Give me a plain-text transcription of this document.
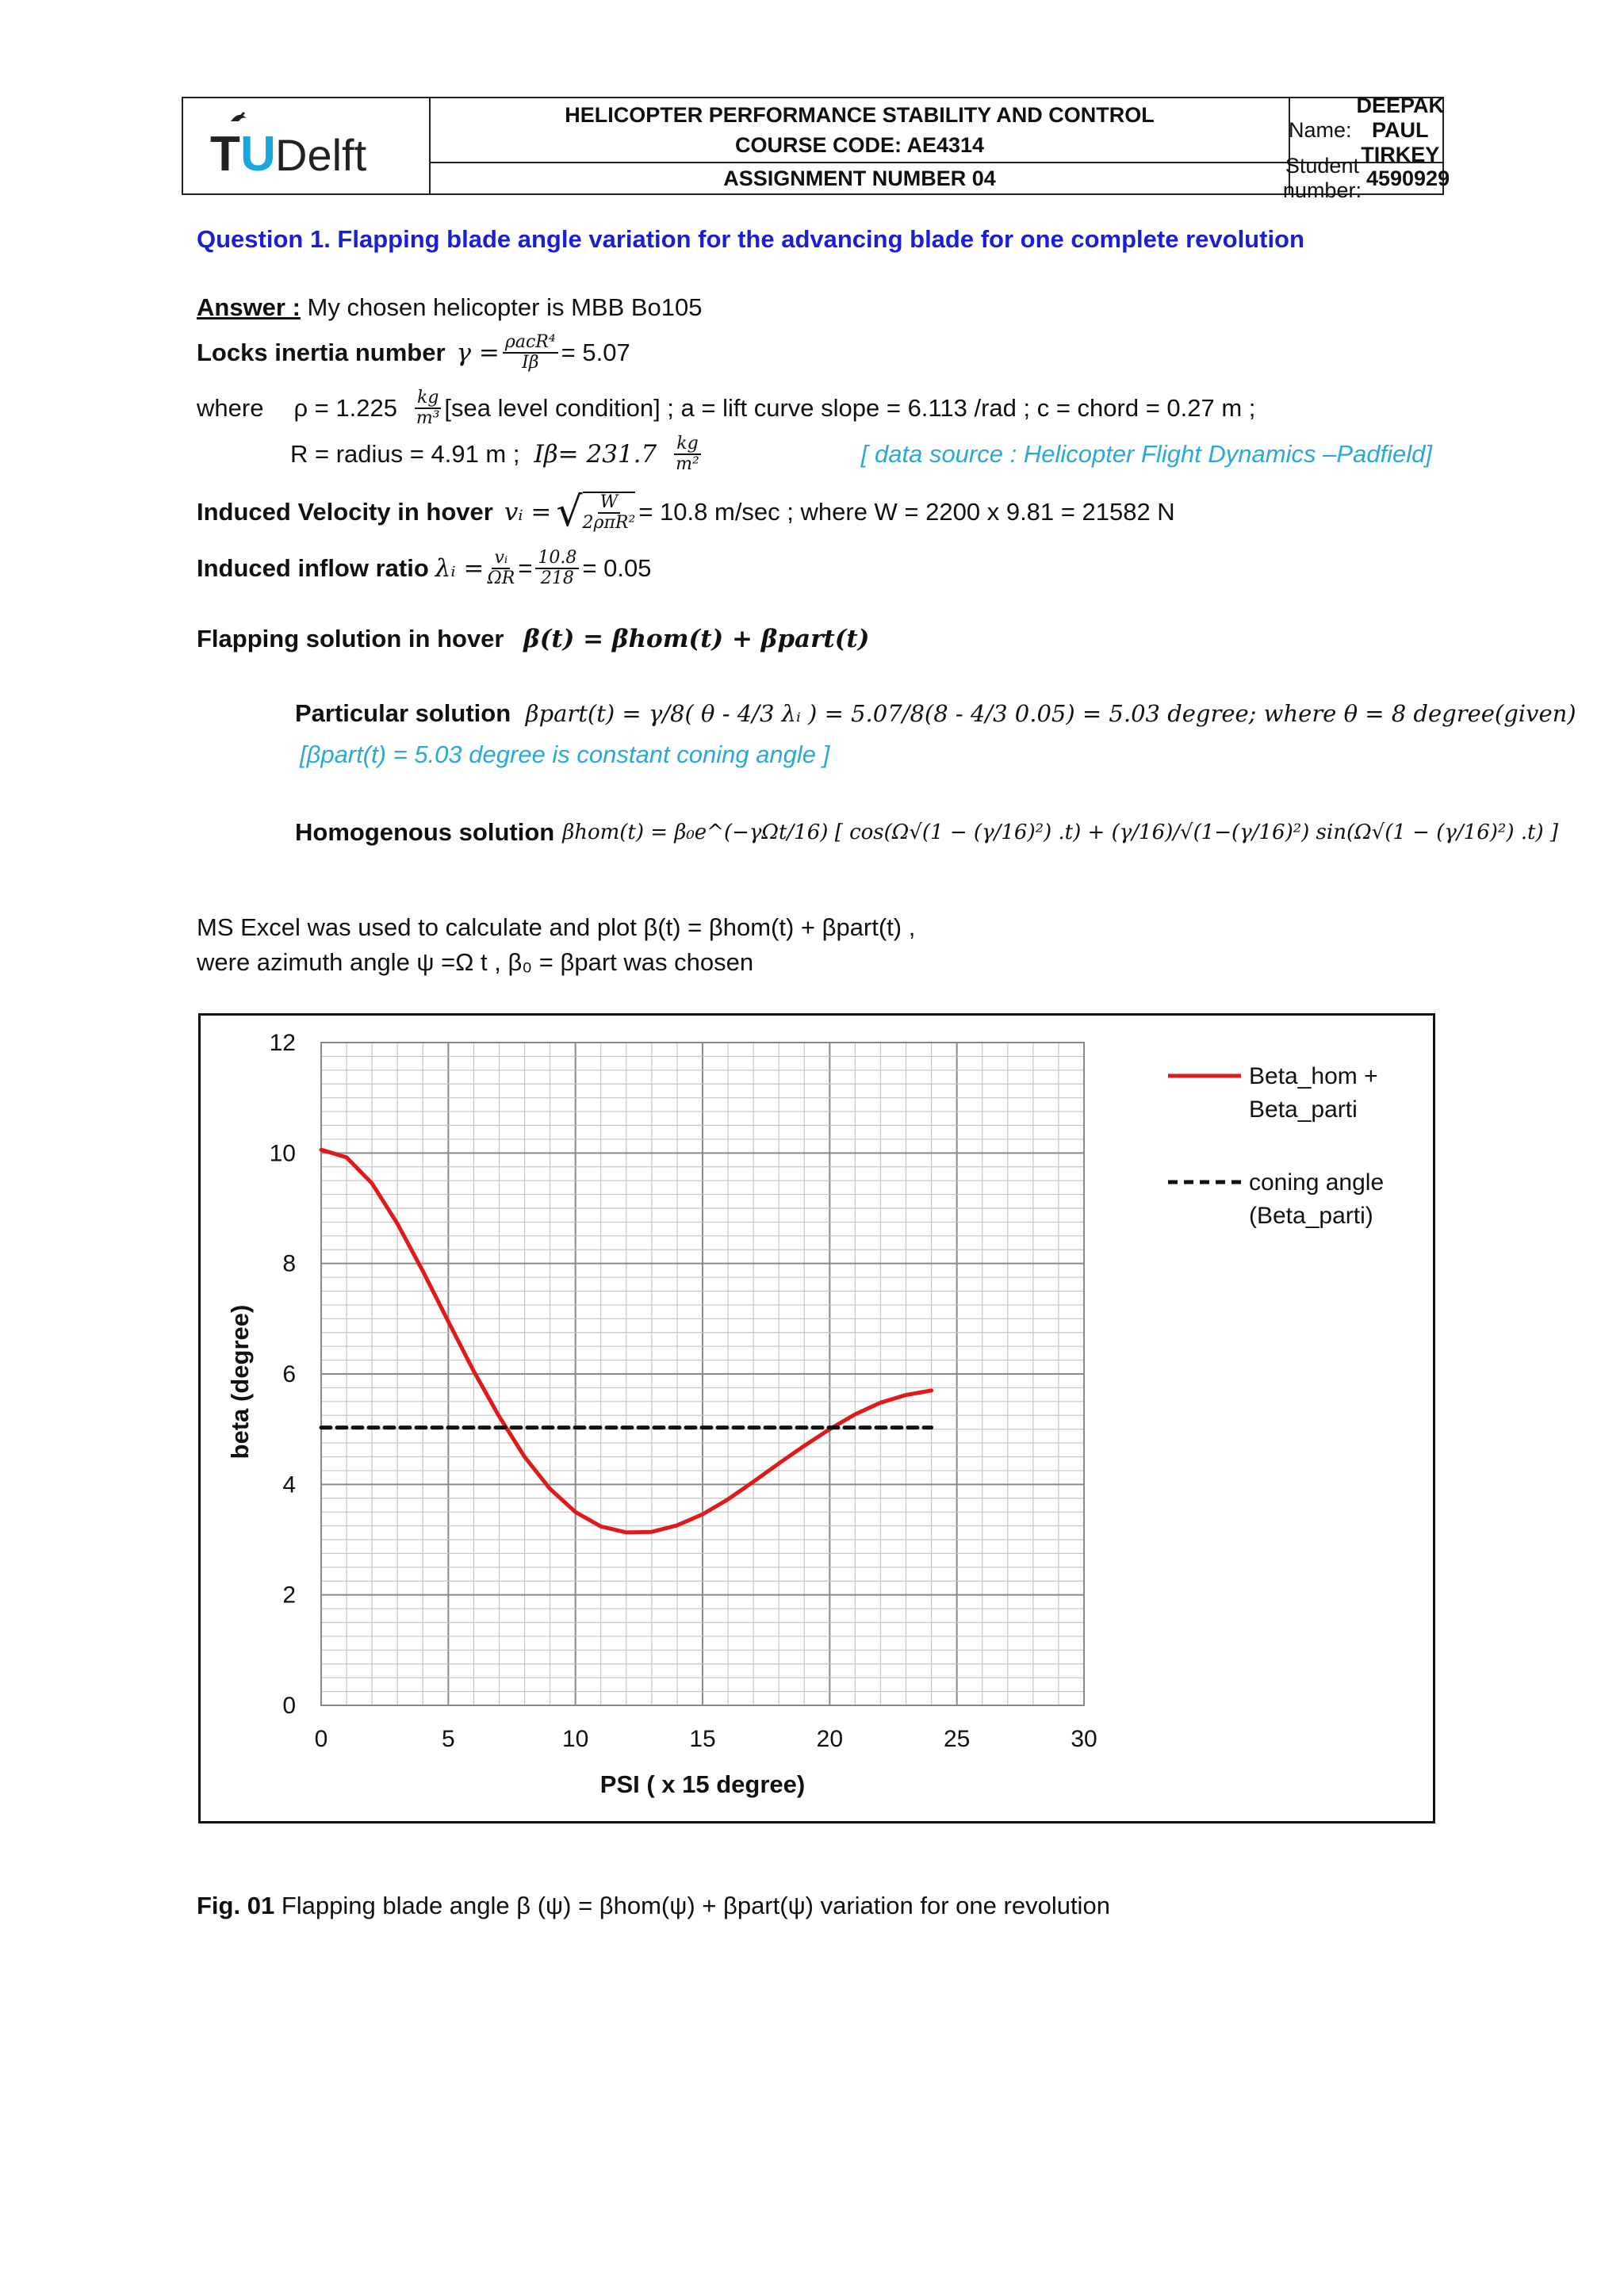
T U Delft
HELICOPTER PERFORMANCE STABILITY AND CONTROL
COURSE CODE: AE4314
ASSIGNMENT NUMBER 04
Name:
DEEPAK PAUL TIRKEY
Student number:
4590929
Question 1. Flapping blade angle variation for the advancing blade for one complete revolution
Answer : My chosen helicopter is MBB Bo105
Locks inertia number $\gamma = \frac{\text{ρacR⁴}}{I\beta} = 5.07$
where $\rho = 1.225 \frac{kg}{\text{m³}} [sea$ level condition] ; a = lift curve slope = 6.113 /rad ; c = chord = 0.27 m ;
R = radius = 4.91 m ; $I\beta= 231.7 \frac{kg}{\text{m²}}$	[ data source : Helicopter Flight Dynamics –Padfield]
Induced Velocity in hover vᵢ = √ $\frac{W}{\text{2ρπR²}} = 10.8$ m/sec ; where W = 2200 x 9.81 = 21582 N
Induced inflow ratio λᵢ = $\frac{\text{vᵢ}}{\Omega R} = \frac{10.8}{218} = 0.05$
Flapping solution in hover β(t) = βhom(t) + βpart(t)
Particular solution βpart(t) = γ/8( θ - 4/3 λᵢ ) = 5.07/8(8 - 4/3 0.05) = 5.03 degree; where θ = 8 degree(given)
[βpart(t) = 5.03 degree is constant coning angle ]
Homogenous solution βhom(t) = β₀e^(−γΩt/16) [ cos(Ω√(1 − (γ/16)²) .t) + (γ/16)/√(1−(γ/16)²) sin(Ω√(1 − (γ/16)²) .t) ]
MS Excel was used to calculate and plot β(t) = βhom(t) + βpart(t) ,
were azimuth angle ψ =Ω t , β₀ = βpart was chosen
0	5	10	15	20	25	30
0
2
4
6
8
10
12
PSI ( x 15 degree)
beta (degree)
Beta_hom +
Beta_parti
coning angle
(Beta_parti)
Fig. 01 Flapping blade angle β (ψ) = βhom(ψ) + βpart(ψ) variation for one revolution
